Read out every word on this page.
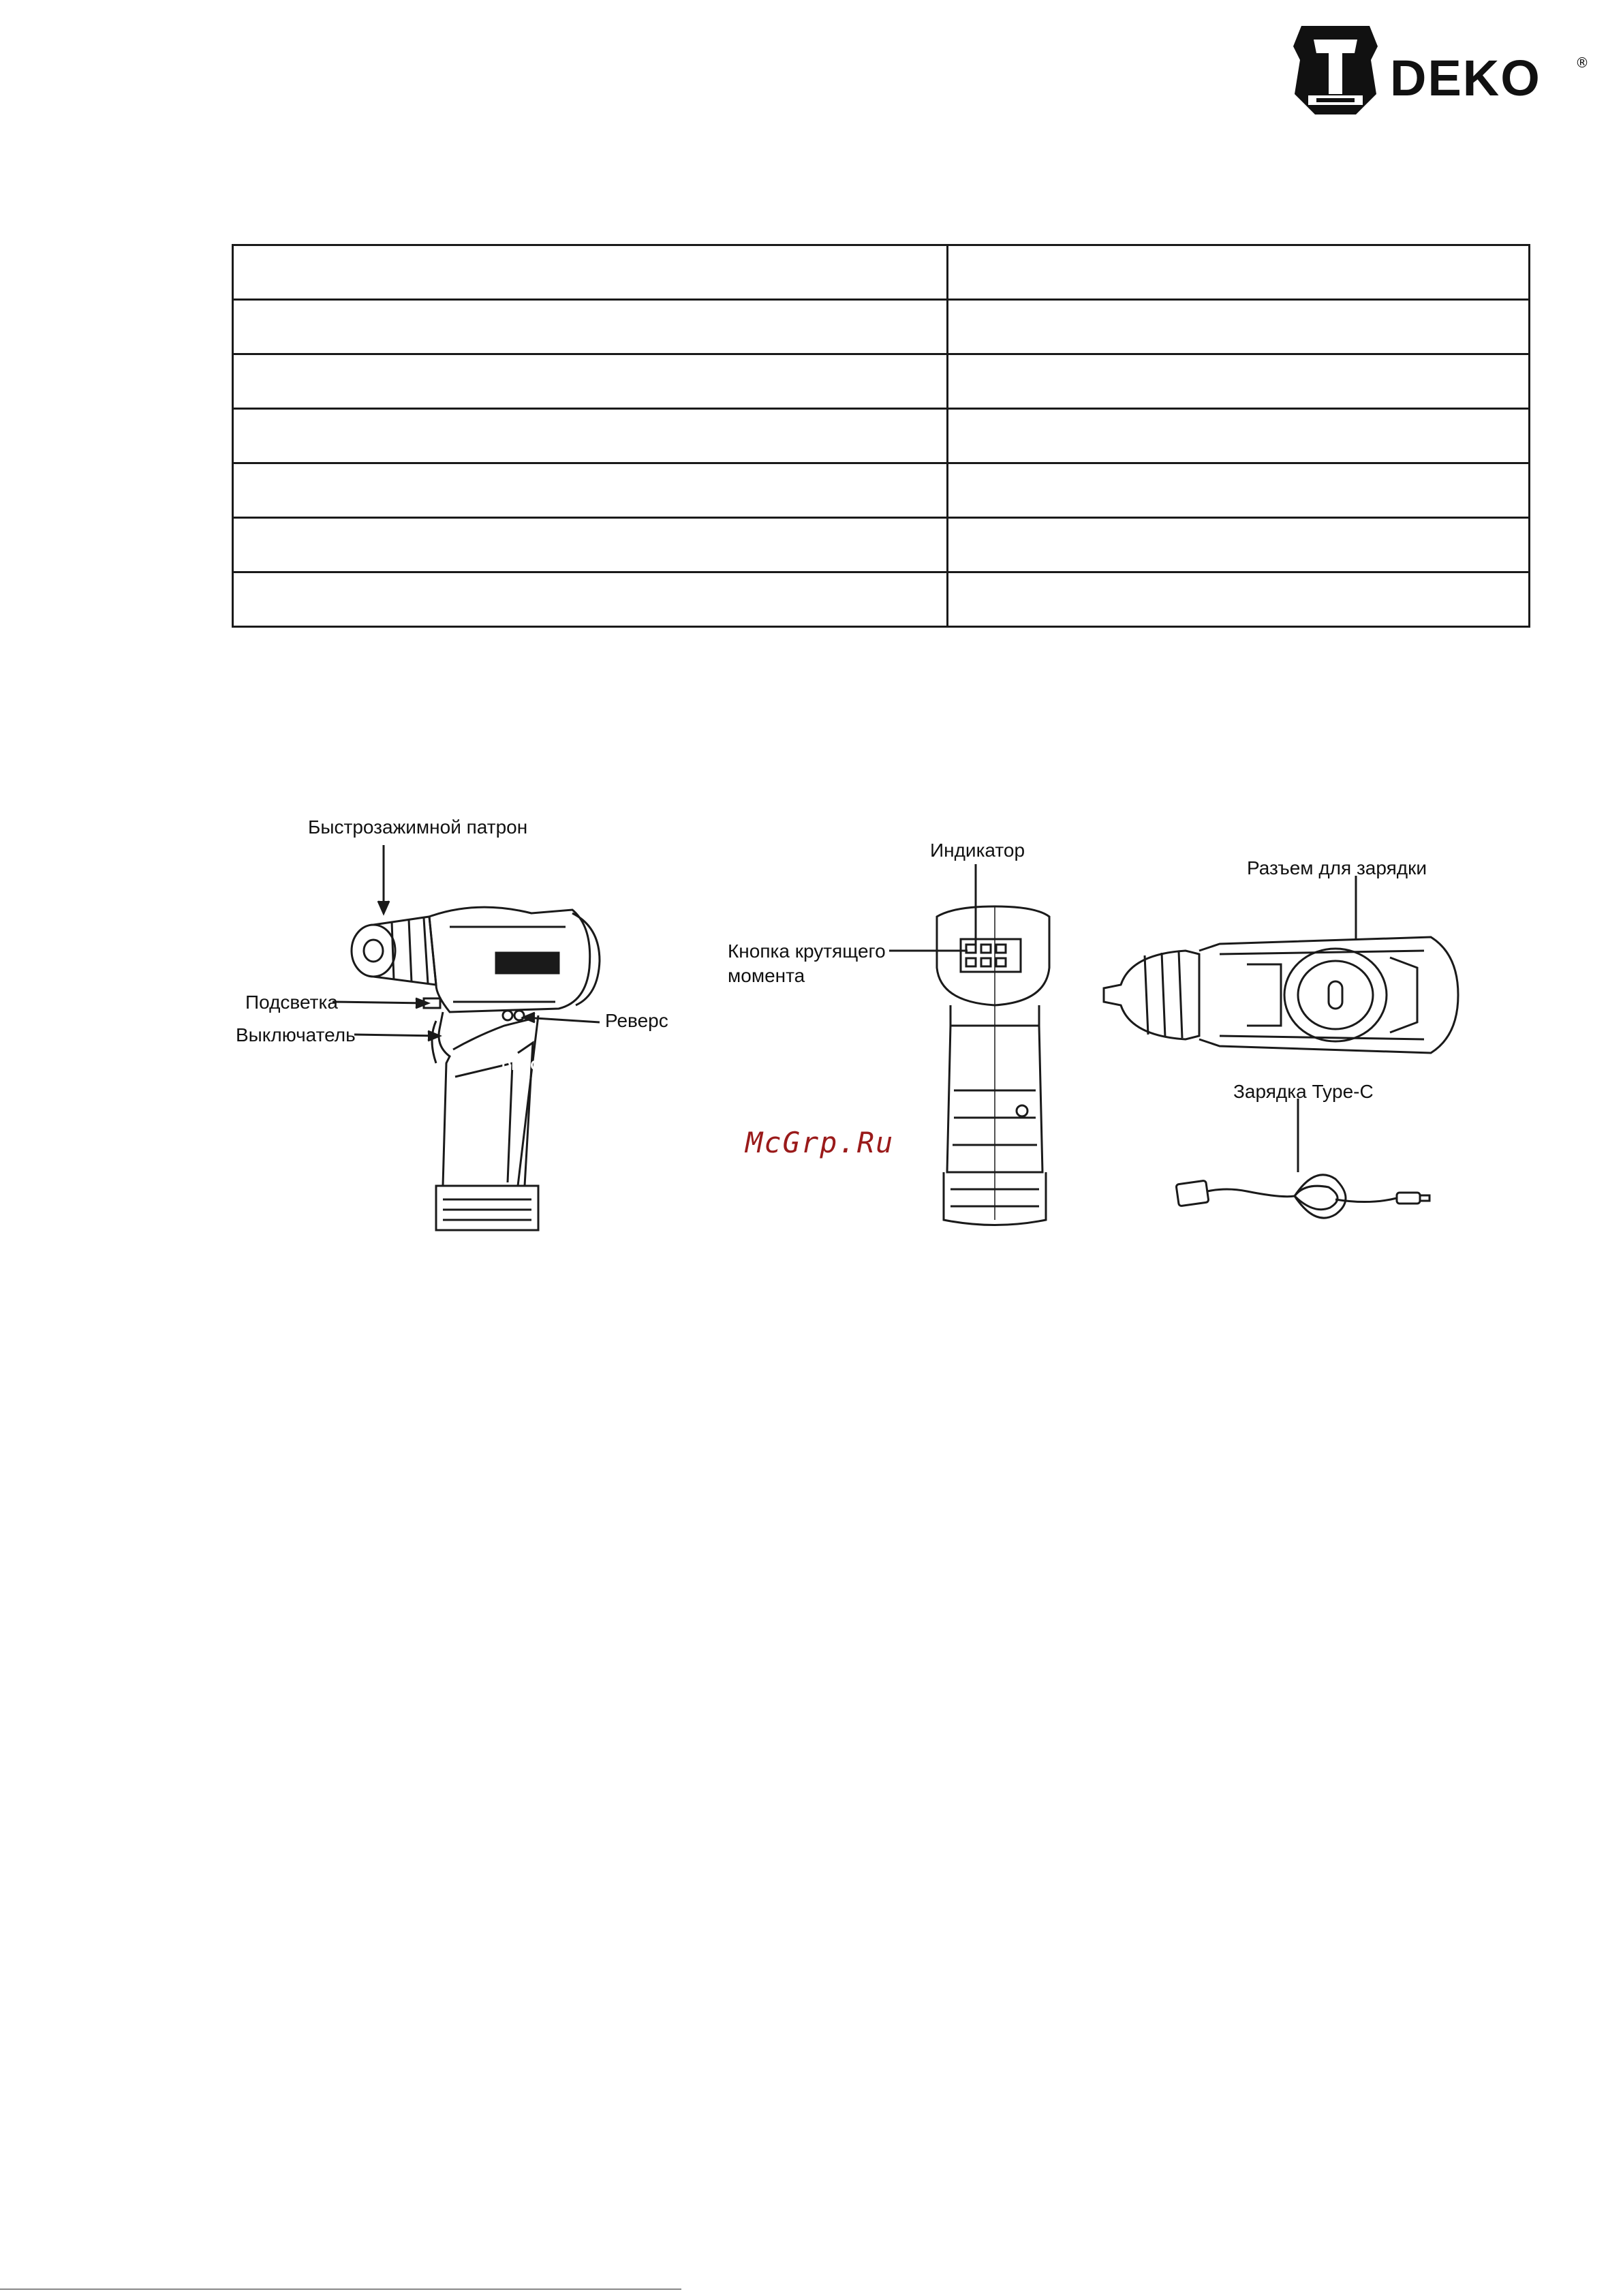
DEKO	®

Быстрозажимной патрон
Подсветка
Выключатель
Реверс
Индикатор
Кнопка крутящего
момента
Разъем для зарядки
Зарядка Type-C
DEKO
McGrp.Ru
